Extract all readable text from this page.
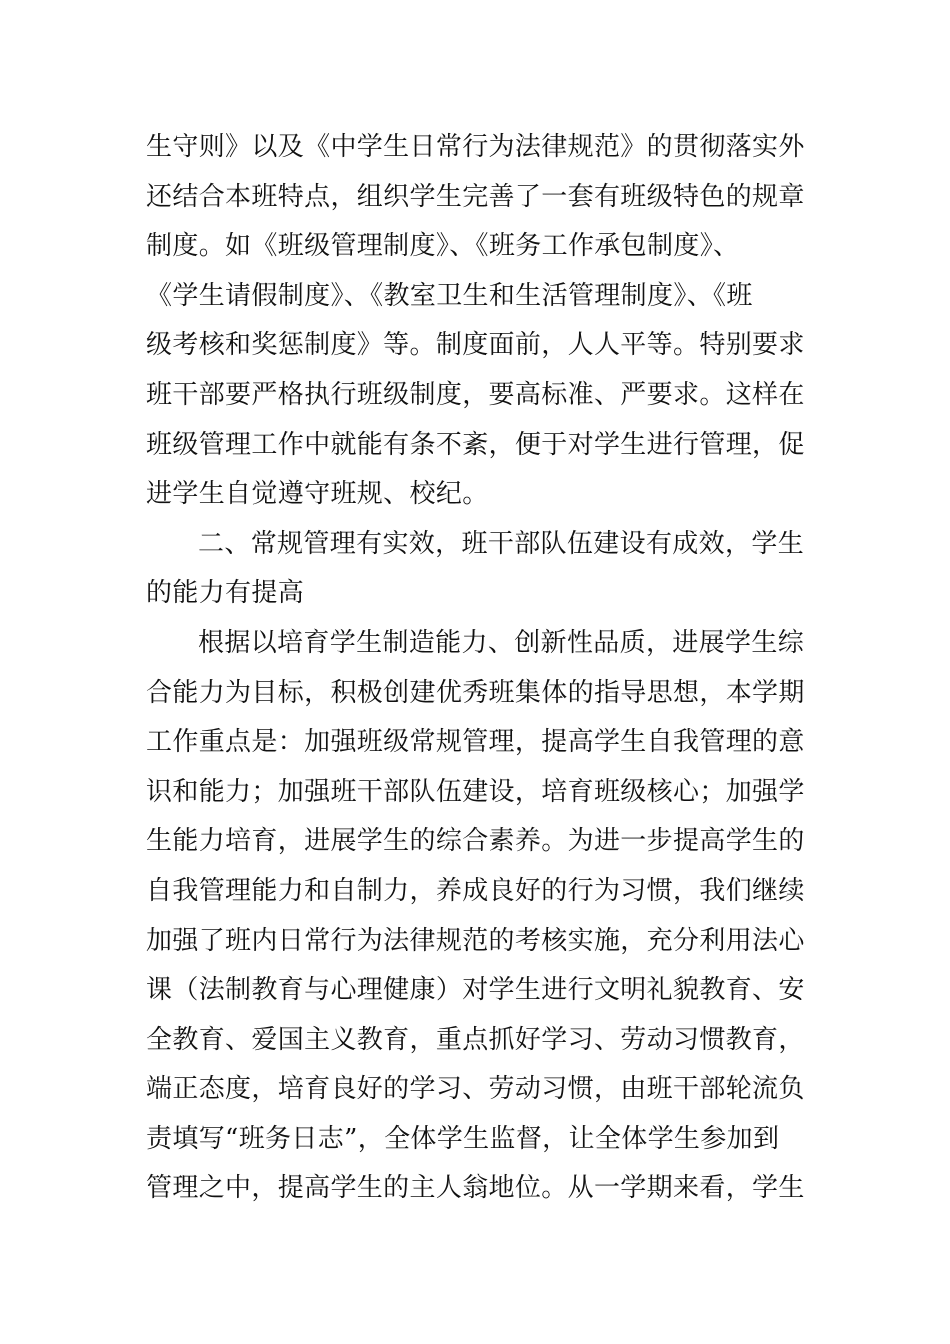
生守则》以及《中学生日常行为法律规范》的贯彻落实外
还结合本班特点，组织学生完善了一套有班级特色的规章
制度。如《班级管理制度》、《班务工作承包制度》、
《学生请假制度》、《教室卫生和生活管理制度》、《班
级考核和奖惩制度》等。制度面前，人人平等。特别要求
班干部要严格执行班级制度，要高标准、严要求。这样在
班级管理工作中就能有条不紊，便于对学生进行管理，促
进学生自觉遵守班规、校纪。
二、常规管理有实效，班干部队伍建设有成效，学生
的能力有提高
根据以培育学生制造能力、创新性品质，进展学生综
合能力为目标，积极创建优秀班集体的指导思想，本学期
工作重点是：加强班级常规管理，提高学生自我管理的意
识和能力；加强班干部队伍建设，培育班级核心；加强学
生能力培育，进展学生的综合素养。为进一步提高学生的
自我管理能力和自制力，养成良好的行为习惯，我们继续
加强了班内日常行为法律规范的考核实施，充分利用法心
课（法制教育与心理健康）对学生进行文明礼貌教育、安
全教育、爱国主义教育，重点抓好学习、劳动习惯教育，
端正态度，培育良好的学习、劳动习惯，由班干部轮流负
责填写“班务日志”，全体学生监督，让全体学生参加到
管理之中，提高学生的主人翁地位。从一学期来看，学生
